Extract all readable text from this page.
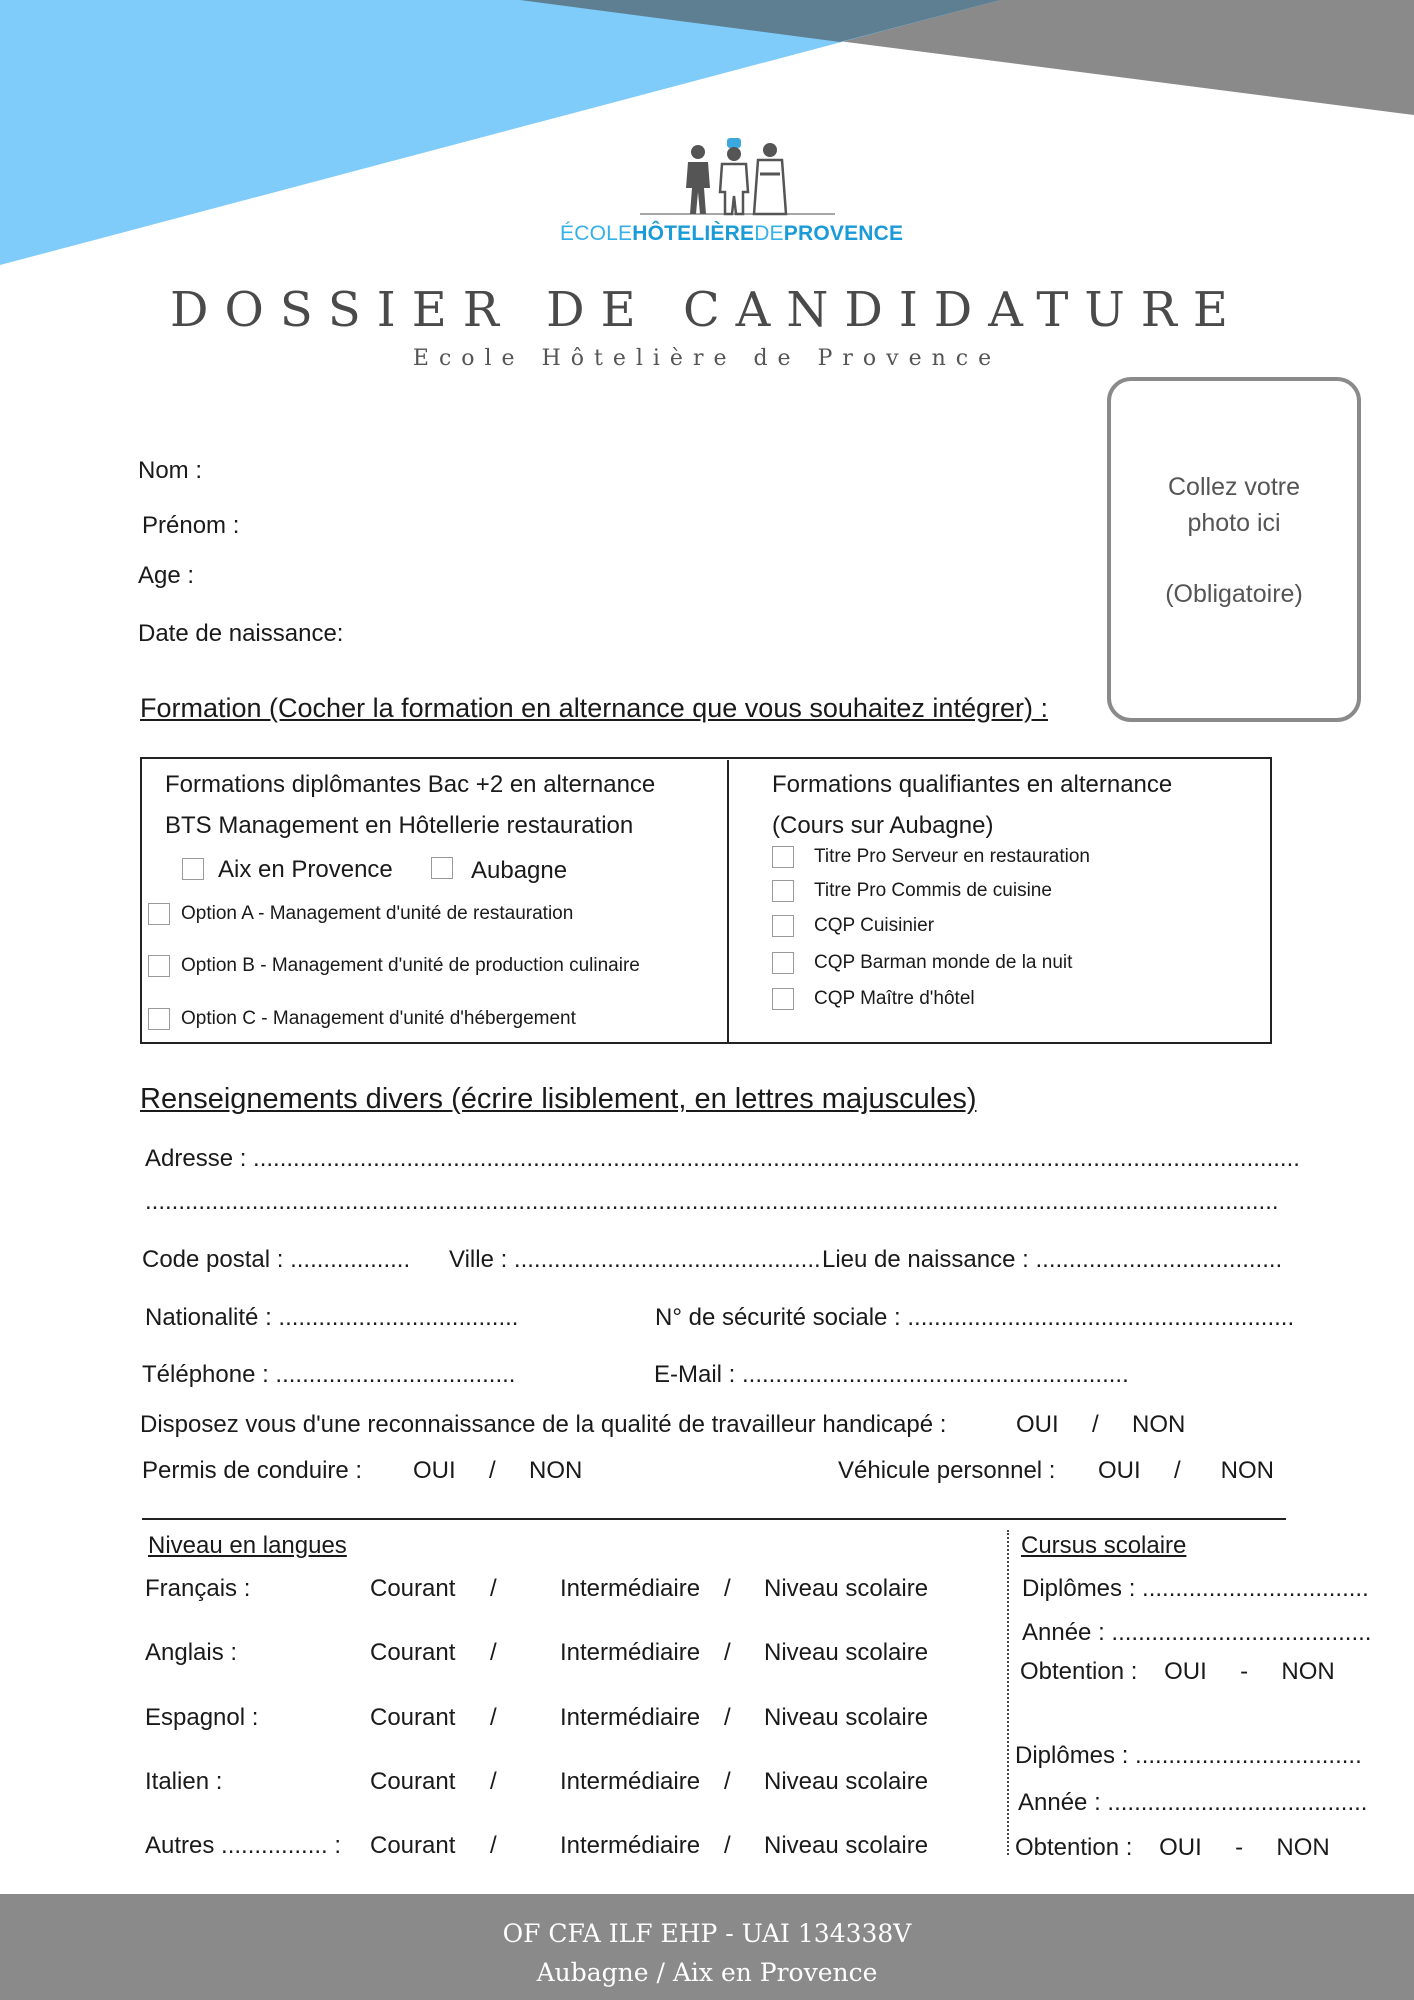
ÉCOLEHÔTELIÈREDEPROVENCE
DOSSIER DE CANDIDATURE
Ecole Hôtelière de Provence
Collez votre
photo ici
(Obligatoire)
Nom :
Prénom :
Age :
Date de naissance:
Formation (Cocher la formation en alternance que vous souhaitez intégrer) :
Formations diplômantes Bac +2 en alternance
BTS Management en Hôtellerie restauration
Aix en Provence	Aubagne
Option A - Management d'unité de restauration
Option B - Management d'unité de production culinaire
Option C - Management d'unité d'hébergement
Formations qualifiantes en alternance
(Cours sur Aubagne)
Titre Pro Serveur en restauration
Titre Pro Commis de cuisine
CQP Cuisinier
CQP Barman monde de la nuit
CQP Maître d'hôtel
Renseignements divers (écrire lisiblement, en lettres majuscules)
Adresse : .............................................................................................................................................................
..........................................................................................................................................................................
Code postal : .................. Ville : .............................................. Lieu de naissance : .....................................
Nationalité : ....................................	N° de sécurité sociale : ..........................................................
Téléphone : ....................................	E-Mail : ..........................................................
Disposez vous d'une reconnaissance de la qualité de travailleur handicapé :	OUI     /     NON
Permis de conduire : OUI     /     NON	Véhicule personnel : OUI     /      NON
Niveau en langues
Français :	Courant /	Intermédiaire / Niveau scolaire
Anglais :	Courant /	Intermédiaire / Niveau scolaire
Espagnol :	Courant /	Intermédiaire / Niveau scolaire
Italien :	Courant /	Intermédiaire / Niveau scolaire
Autres ................ : Courant /	Intermédiaire / Niveau scolaire
Cursus scolaire
Diplômes : ..................................
Année : .......................................
Obtention :    OUI     -     NON
Diplômes : ..................................
Année : .......................................
Obtention :    OUI     -     NON
OF CFA ILF EHP - UAI 134338V
Aubagne / Aix en Provence
